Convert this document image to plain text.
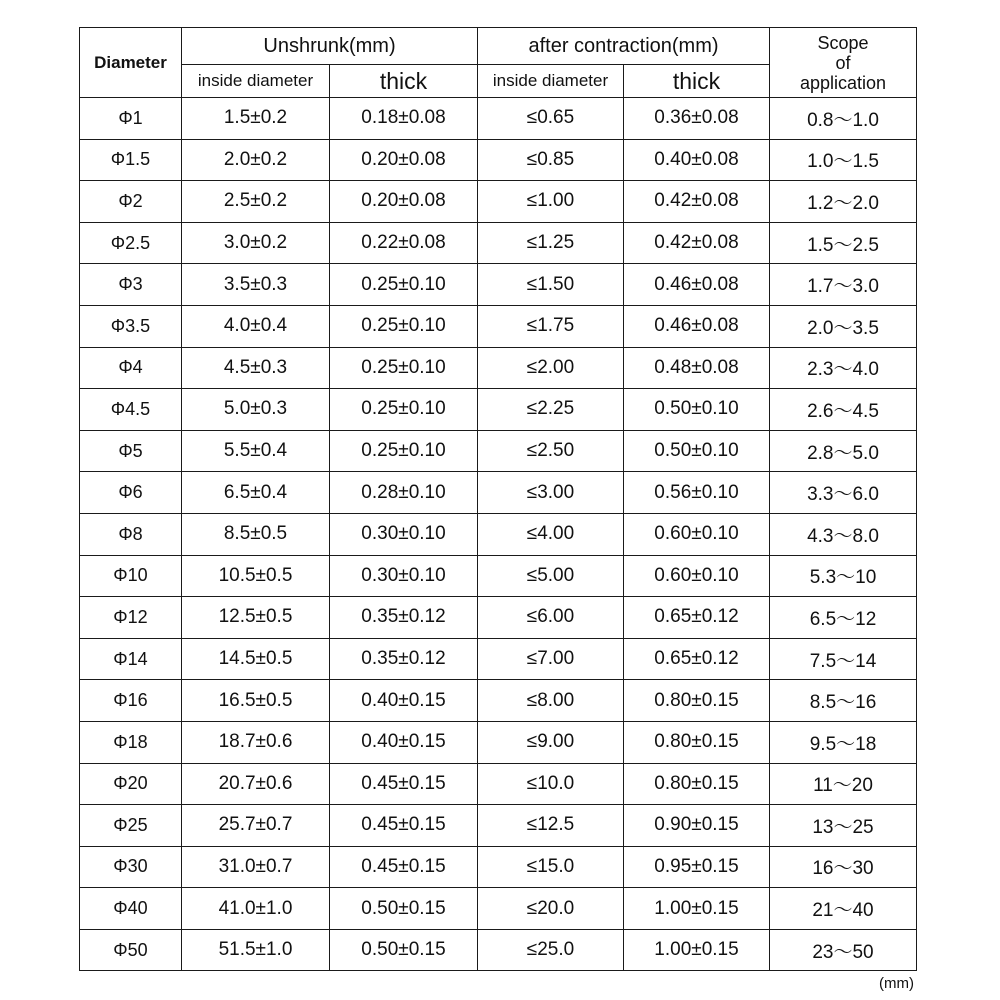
Diameter	Unshrunk(mm)		after contraction(mm)		Scope
of
application

	inside diameter	thick	inside diameter	thick	
Φ1	1.5±0.2	0.18±0.08	≤0.65	0.36±0.08	0.8～1.0
Φ1.5	2.0±0.2	0.20±0.08	≤0.85	0.40±0.08	1.0～1.5
Φ2	2.5±0.2	0.20±0.08	≤1.00	0.42±0.08	1.2～2.0
Φ2.5	3.0±0.2	0.22±0.08	≤1.25	0.42±0.08	1.5～2.5
Φ3	3.5±0.3	0.25±0.10	≤1.50	0.46±0.08	1.7～3.0
Φ3.5	4.0±0.4	0.25±0.10	≤1.75	0.46±0.08	2.0～3.5
Φ4	4.5±0.3	0.25±0.10	≤2.00	0.48±0.08	2.3～4.0
Φ4.5	5.0±0.3	0.25±0.10	≤2.25	0.50±0.10	2.6～4.5
Φ5	5.5±0.4	0.25±0.10	≤2.50	0.50±0.10	2.8～5.0
Φ6	6.5±0.4	0.28±0.10	≤3.00	0.56±0.10	3.3～6.0
Φ8	8.5±0.5	0.30±0.10	≤4.00	0.60±0.10	4.3～8.0
Φ10	10.5±0.5	0.30±0.10	≤5.00	0.60±0.10	5.3～10
Φ12	12.5±0.5	0.35±0.12	≤6.00	0.65±0.12	6.5～12
Φ14	14.5±0.5	0.35±0.12	≤7.00	0.65±0.12	7.5～14
Φ16	16.5±0.5	0.40±0.15	≤8.00	0.80±0.15	8.5～16
Φ18	18.7±0.6	0.40±0.15	≤9.00	0.80±0.15	9.5～18
Φ20	20.7±0.6	0.45±0.15	≤10.0	0.80±0.15	11～20
Φ25	25.7±0.7	0.45±0.15	≤12.5	0.90±0.15	13～25
Φ30	31.0±0.7	0.45±0.15	≤15.0	0.95±0.15	16～30
Φ40	41.0±1.0	0.50±0.15	≤20.0	1.00±0.15	21～40
Φ50	51.5±1.0	0.50±0.15	≤25.0	1.00±0.15	23～50
(mm)
